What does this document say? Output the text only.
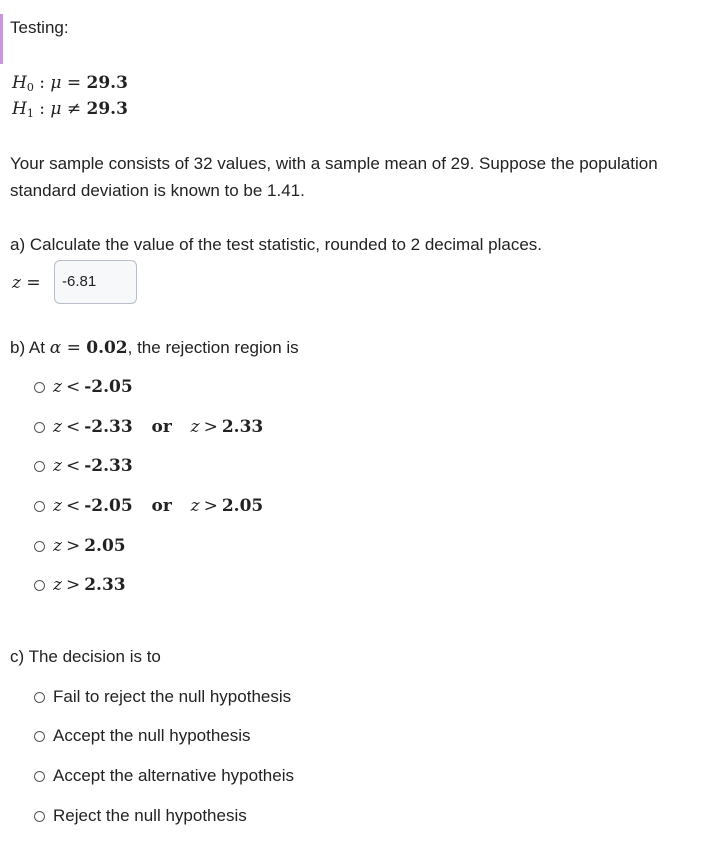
Testing:
$H_0$ : μ = 29.3
$H_1$ : μ ≠ 29.3
Your sample consists of 32 values, with a sample mean of 29. Suppose the population
standard deviation is known to be 1.41.
a) Calculate the value of the test statistic, rounded to 2 decimal places.
z =	-6.81
b) At α = 0.02, the rejection region is
z < -2.05
z < -2.33
or
z > 2.33
z < -2.33
z < -2.05
or
z > 2.05
z > 2.05
z > 2.33
c) The decision is to
Fail to reject the null hypothesis
Accept the null hypothesis
Accept the alternative hypotheis
Reject the null hypothesis
